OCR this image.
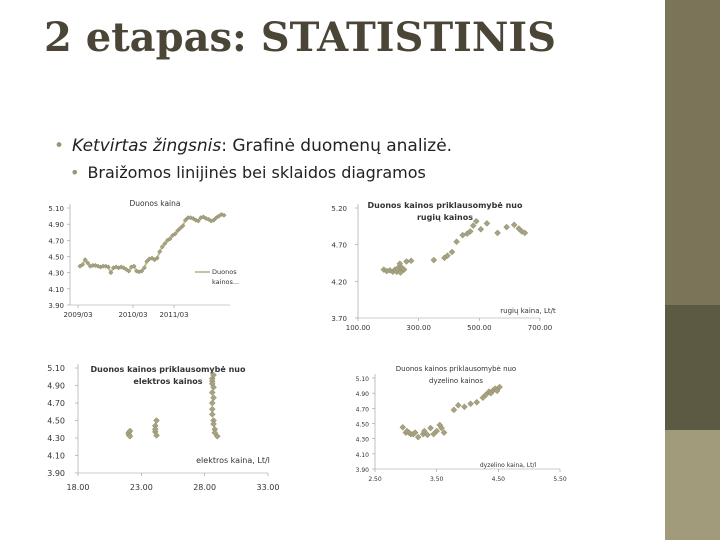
2 etapas: STATISTINIS
• Ketvirtas žingsnis: Grafinė duomenų analizė.
• Braižomos linijinės bei sklaidos diagramos
3.90
4.10
4.30
4.50
4.70
4.90
5.10
2009/03	2010/03 2011/03
Duonos kaina
Duonos
kainos...
3.70
4.20
4.70
5.20
100.00	300.00	500.00	700.00
3.90
4.10
4.30
4.50
4.70
4.90
5.10
18.00	23.00	28.00	33.00
3.90
4.10
4.30
4.50
4.70
4.90
5.10
2.50	3.50	4.50	5.50
Duonos kainos priklausomybė nuo
rugių kainos
rugių kaina, Lt/t
Duonos kainos priklausomybė nuo
elektros kainos
elektros kaina, Lt/l
Duonos kainos priklausomybė nuo
dyzelino kainos
dyzelino kaina, Lt/l
